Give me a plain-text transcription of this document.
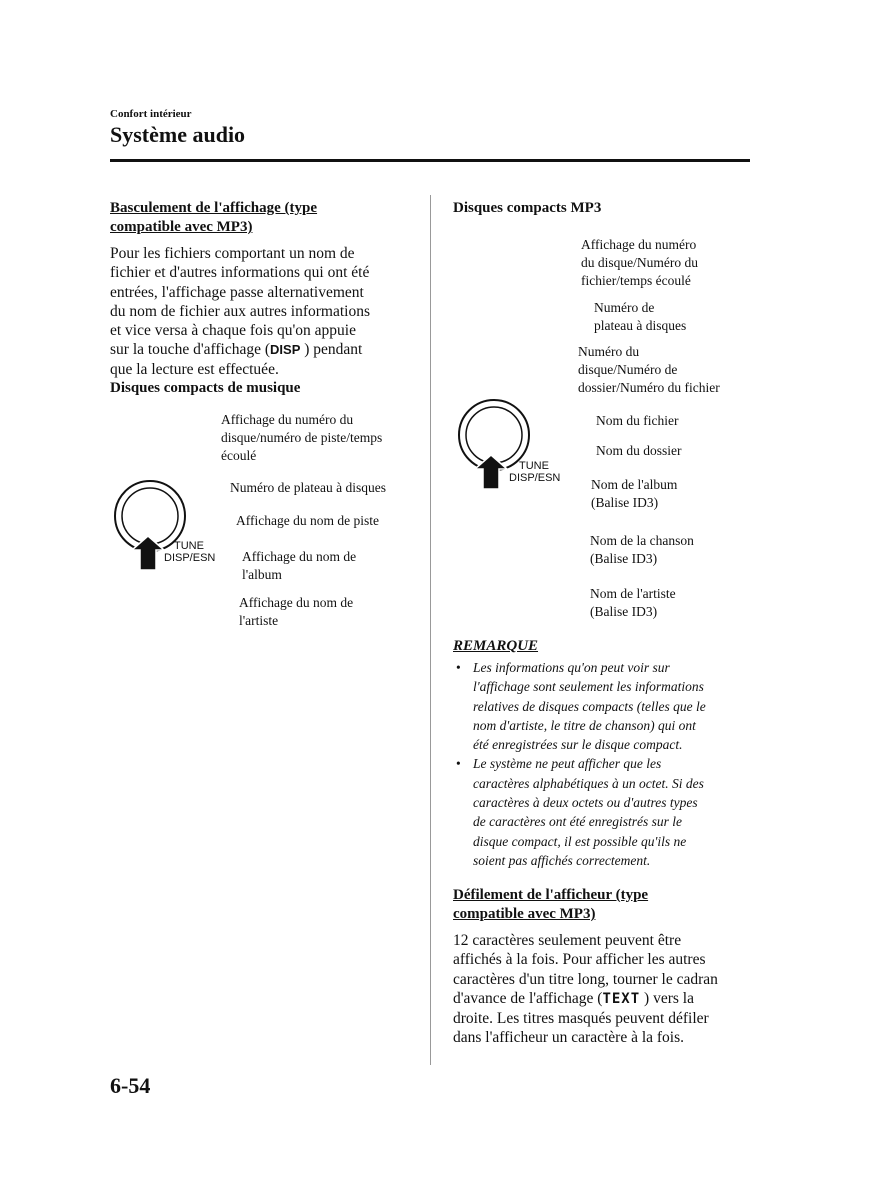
Confort intérieur
Système audio
Basculement de l'affichage (type
compatible avec MP3)
Pour les fichiers comportant un nom de
fichier et d'autres informations qui ont été
entrées, l'affichage passe alternativement
du nom de fichier aux autres informations
et vice versa à chaque fois qu'on appuie
sur la touche d'affichage (DISP ) pendant
que la lecture est effectuée.
Disques compacts de musique
TUNE
DISP/ESN
Affichage du numéro du
disque/numéro de piste/temps
écoulé
Numéro de plateau à disques
Affichage du nom de piste
Affichage du nom de
l'album
Affichage du nom de
l'artiste
Disques compacts MP3
Affichage du numéro
du disque/Numéro du
fichier/temps écoulé
Numéro de
plateau à disques
Numéro du
disque/Numéro de
dossier/Numéro du fichier
Nom du fichier
Nom du dossier
Nom de l'album
(Balise ID3)
Nom de la chanson
(Balise ID3)
Nom de l'artiste
(Balise ID3)
TUNE
DISP/ESN
REMARQUE
• Les informations qu'on peut voir sur
l'affichage sont seulement les informations
relatives de disques compacts (telles que le
nom d'artiste, le titre de chanson) qui ont
été enregistrées sur le disque compact.
• Le système ne peut afficher que les
caractères alphabétiques à un octet. Si des
caractères à deux octets ou d'autres types
de caractères ont été enregistrés sur le
disque compact, il est possible qu'ils ne
soient pas affichés correctement.
Défilement de l'afficheur (type
compatible avec MP3)
12 caractères seulement peuvent être
affichés à la fois. Pour afficher les autres
caractères d'un titre long, tourner le cadran
d'avance de l'affichage (TEXT ) vers la
droite. Les titres masqués peuvent défiler
dans l'afficheur un caractère à la fois.
6-54
